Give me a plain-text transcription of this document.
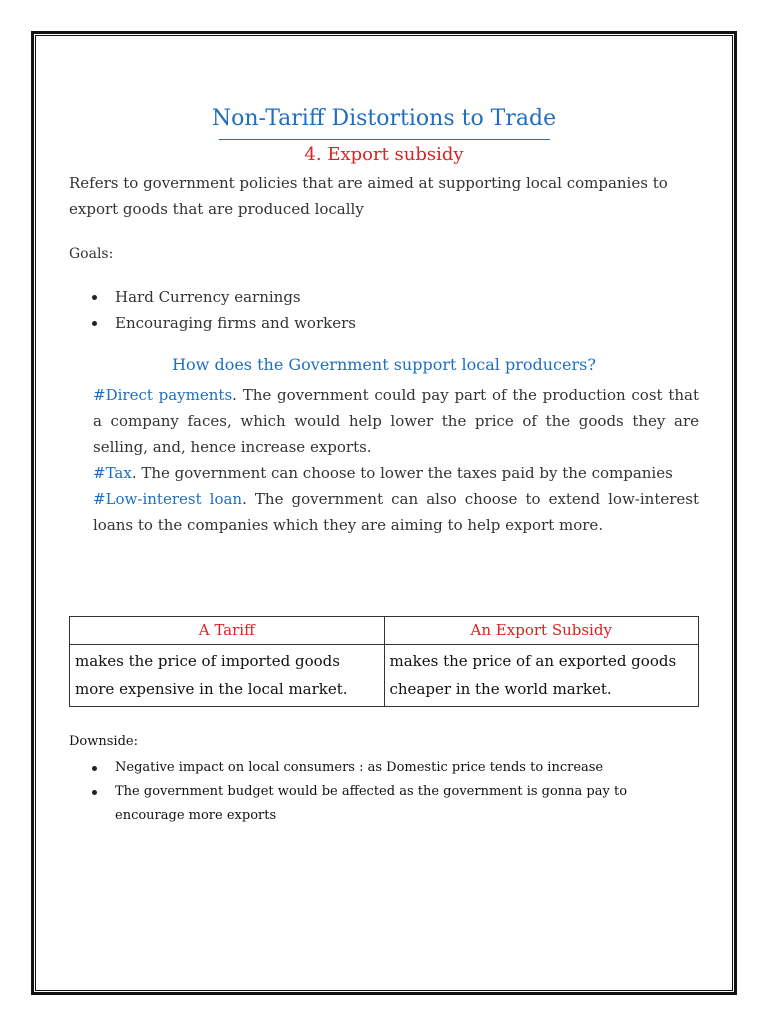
Non-Tariff Distortions to Trade
4. Export subsidy
Refers to government policies that are aimed at supporting local companies to export goods that are produced locally
Goals:
Hard Currency earnings
Encouraging firms and workers
How does the Government support local producers?

#Direct payments. The government could pay part of the production cost that a company faces, which would help lower the price of the goods they are selling, and, hence increase exports.

#Tax. The government can choose to lower the taxes paid by the companies

#Low-interest loan. The government can also choose to extend low-interest loans to the companies which they are aiming to help export more.

A Tariff	An Export Subsidy
makes the price of imported goods more expensive in the local market.	makes the price of an exported goods cheaper in the world market.
Downside:
Negative impact on local consumers : as Domestic price tends to increase
The government budget would be affected as the government is gonna pay to encourage more exports
